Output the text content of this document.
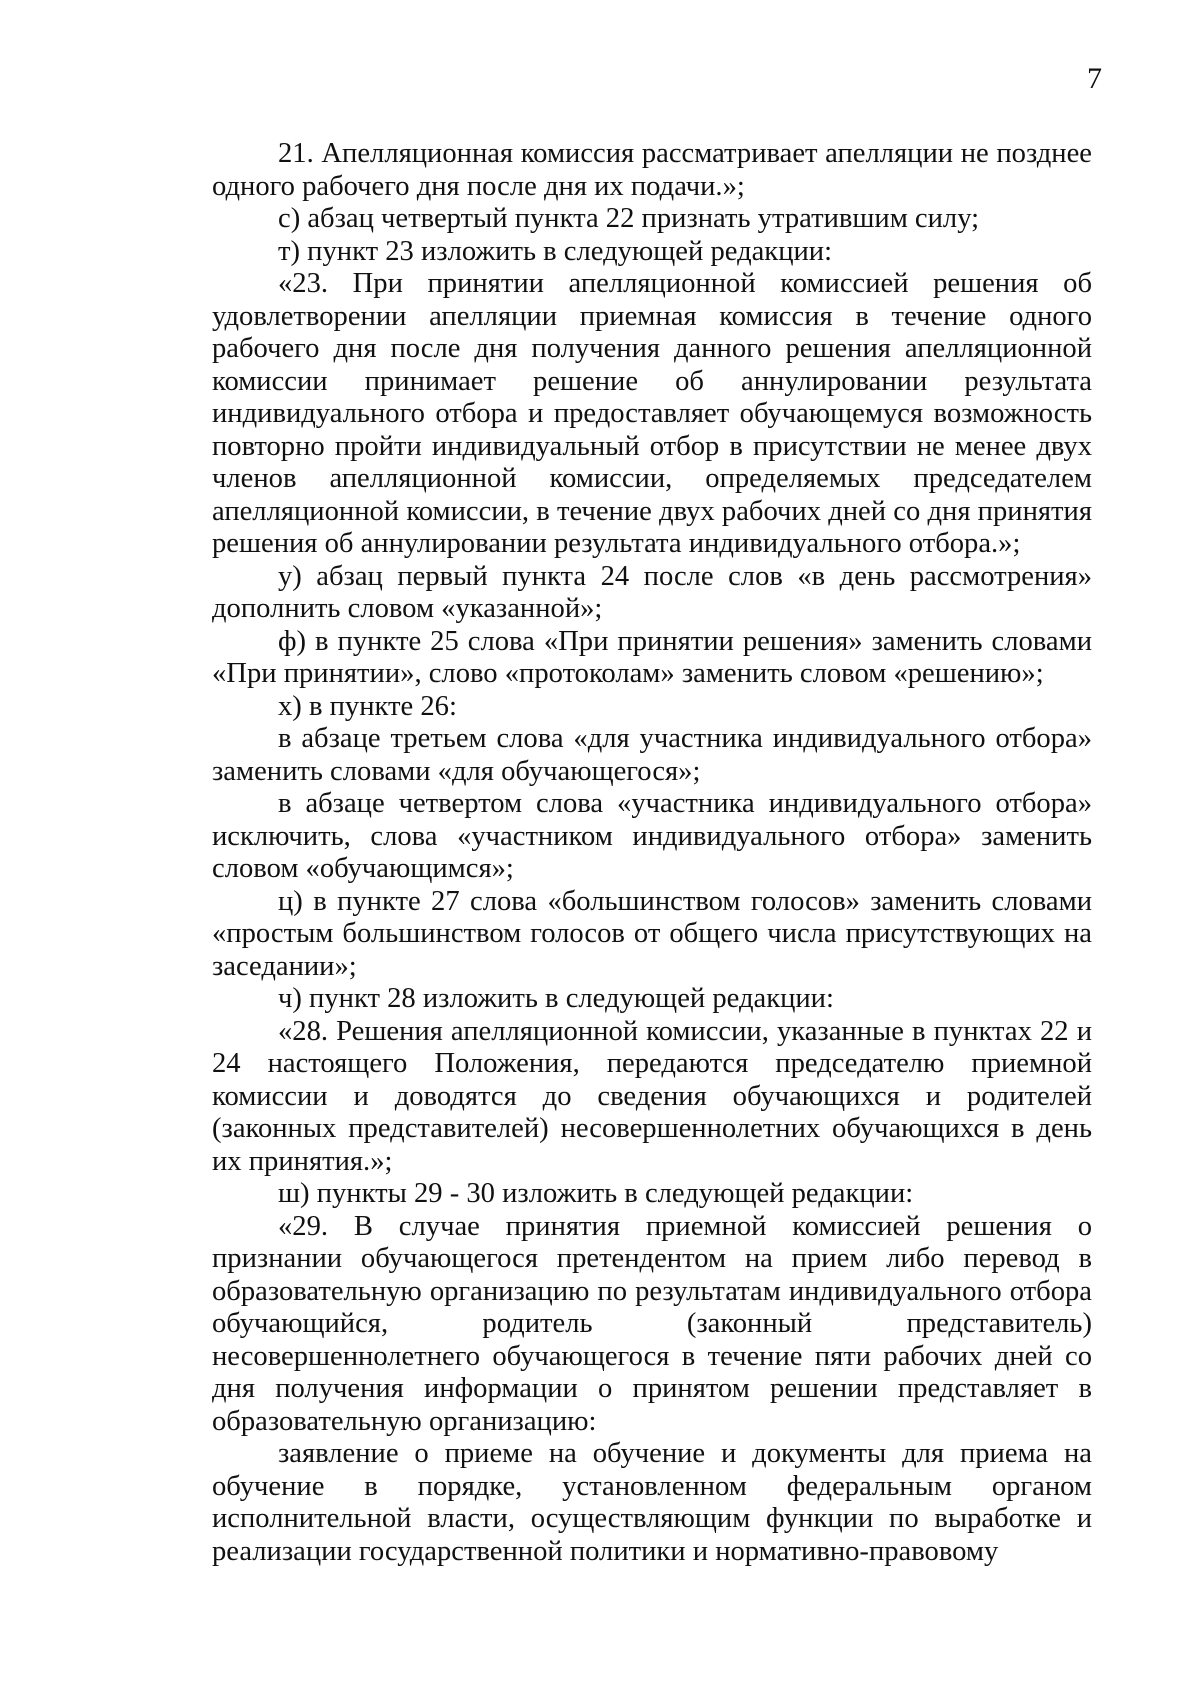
7

21. Апелляционная комиссия рассматривает апелляции не позднее одного рабочего дня после дня их подачи.»;

с) абзац четвертый пункта 22 признать утратившим силу;

т) пункт 23 изложить в следующей редакции:

«23. При принятии апелляционной комиссией решения об удовлетворении апелляции приемная комиссия в течение одного рабочего дня после дня получения данного решения апелляционной комиссии принимает решение об аннулировании результата индивидуального отбора и предоставляет обучающемуся возможность повторно пройти индивидуальный отбор в присутствии не менее двух членов апелляционной комиссии, определяемых председателем апелляционной комиссии, в течение двух рабочих дней со дня принятия решения об аннулировании результата индивидуального отбора.»;

у) абзац первый пункта 24 после слов «в день рассмотрения» дополнить словом «указанной»;

ф) в пункте 25 слова «При принятии решения» заменить словами «При принятии», слово «протоколам» заменить словом «решению»;

х) в пункте 26:

в абзаце третьем слова «для участника индивидуального отбора» заменить словами «для обучающегося»;

в абзаце четвертом слова «участника индивидуального отбора» исключить, слова «участником индивидуального отбора» заменить словом «обучающимся»;

ц) в пункте 27 слова «большинством голосов» заменить словами «простым большинством голосов от общего числа присутствующих на заседании»;

ч) пункт 28 изложить в следующей редакции:

«28. Решения апелляционной комиссии, указанные в пунктах 22 и 24 настоящего Положения, передаются председателю приемной комиссии и доводятся до сведения обучающихся и родителей (законных представителей) несовершеннолетних обучающихся в день их принятия.»;

ш) пункты 29 - 30 изложить в следующей редакции:

«29. В случае принятия приемной комиссией решения о признании обучающегося претендентом на прием либо перевод в образовательную организацию по результатам индивидуального отбора обучающийся, родитель (законный представитель) несовершеннолетнего обучающегося в течение пяти рабочих дней со дня получения информации о принятом решении представляет в образовательную организацию:

заявление о приеме на обучение и документы для приема на обучение в порядке, установленном федеральным органом исполнительной власти, осуществляющим функции по выработке и реализации государственной политики и нормативно-правовому
